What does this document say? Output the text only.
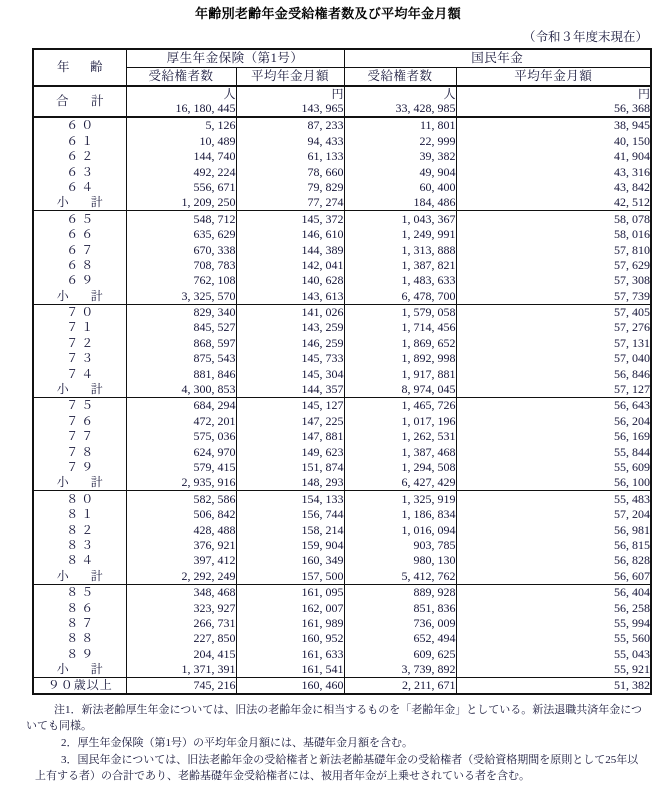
年齢別老齢年金受給権者数及び平均年金月額
（令和３年度末現在）
年　齢	厚生年金保険（第1号）		国民年金	
	受給権者数	平均年金月額	受給権者数	平均年金月額
合　計	人	円	人	円
	16, 180, 445	143, 965	33, 428, 985	56, 368
６０	5, 126	87, 233	11, 801	38, 945
６１	10, 489	94, 433	22, 999	40, 150
６２	144, 740	61, 133	39, 382	41, 904
６３	492, 224	78, 660	49, 904	43, 316
６４	556, 671	79, 829	60, 400	43, 842
小　計	1, 209, 250	77, 274	184, 486	42, 512
６５	548, 712	145, 372	1, 043, 367	58, 078
６６	635, 629	146, 610	1, 249, 991	58, 016
６７	670, 338	144, 389	1, 313, 888	57, 810
６８	708, 783	142, 041	1, 387, 821	57, 629
６９	762, 108	140, 628	1, 483, 633	57, 308
小　計	3, 325, 570	143, 613	6, 478, 700	57, 739
７０	829, 340	141, 026	1, 579, 058	57, 405
７１	845, 527	143, 259	1, 714, 456	57, 276
７２	868, 597	146, 259	1, 869, 652	57, 131
７３	875, 543	145, 733	1, 892, 998	57, 040
７４	881, 846	145, 304	1, 917, 881	56, 846
小　計	4, 300, 853	144, 357	8, 974, 045	57, 127
７５	684, 294	145, 127	1, 465, 726	56, 643
７６	472, 201	147, 225	1, 017, 196	56, 204
７７	575, 036	147, 881	1, 262, 531	56, 169
７８	624, 970	149, 623	1, 387, 468	55, 844
７９	579, 415	151, 874	1, 294, 508	55, 609
小　計	2, 935, 916	148, 293	6, 427, 429	56, 100
８０	582, 586	154, 133	1, 325, 919	55, 483
８１	506, 842	156, 744	1, 186, 834	57, 204
８２	428, 488	158, 214	1, 016, 094	56, 981
８３	376, 921	159, 904	903, 785	56, 815
８４	397, 412	160, 349	980, 130	56, 828
小　計	2, 292, 249	157, 500	5, 412, 762	56, 607
８５	348, 468	161, 095	889, 928	56, 404
８６	323, 927	162, 007	851, 836	56, 258
８７	266, 731	161, 989	736, 009	55, 994
８８	227, 850	160, 952	652, 494	55, 560
８９	204, 415	161, 633	609, 625	55, 043
小　計	1, 371, 391	161, 541	3, 739, 892	55, 921
９０歳以上	745, 216	160, 460	2, 211, 671	51, 382
注1．新法老齢厚生年金については、旧法の老齢年金に相当するものを「老齢年金」としている。新法退職共済年金についても同様。
2．厚生年金保険（第1号）の平均年金月額には、基礎年金月額を含む。
3．国民年金については、旧法老齢年金の受給権者と新法老齢基礎年金の受給権者（受給資格期間を原則として25年以上有する者）の合計であり、老齢基礎年金受給権者には、被用者年金が上乗せされている者を含む。
